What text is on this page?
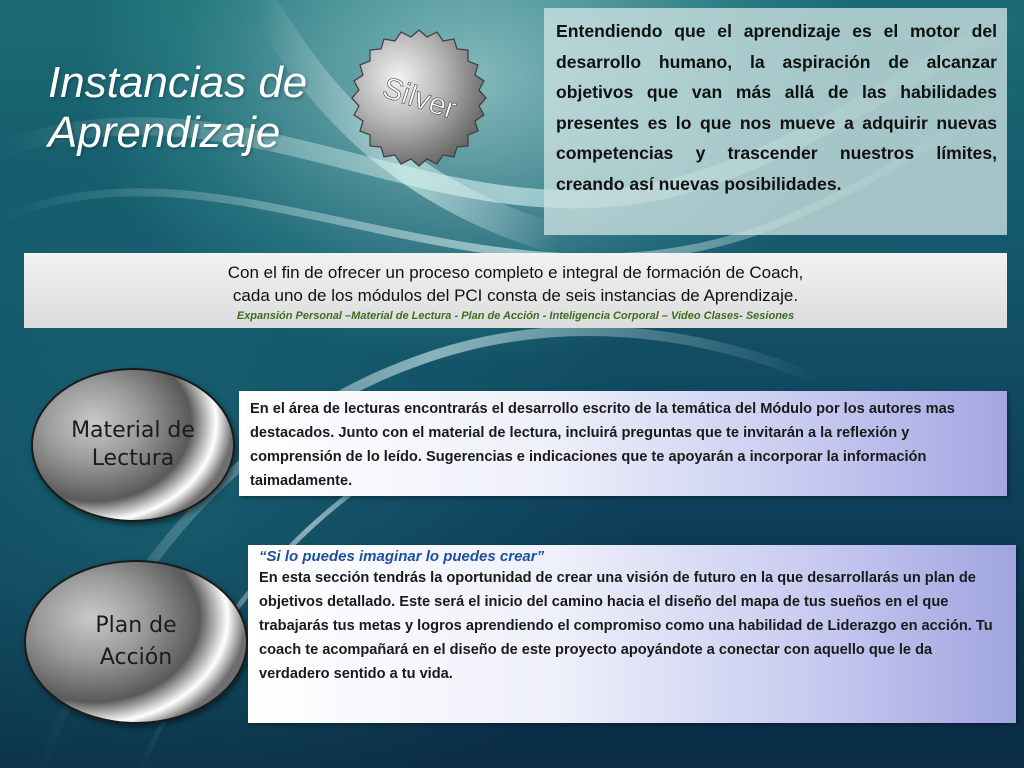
Instancias de
Aprendizaje
Silver
Entendiendo que el aprendizaje es el motor del desarrollo humano, la aspiración de alcanzar objetivos que van más allá de las habilidades presentes es lo que nos mueve a adquirir nuevas competencias y trascender nuestros límites, creando así nuevas posibilidades.
Con el fin de ofrecer un proceso completo e integral de formación de Coach,
cada uno de los módulos del PCI consta de seis instancias de Aprendizaje.
Expansión Personal –Material de Lectura - Plan de Acción - Inteligencia Corporal – Video Clases- Sesiones
Material de Lectura
En el área de lecturas encontrarás el desarrollo escrito de la temática del Módulo por los autores mas destacados. Junto con el material de lectura, incluirá preguntas que te invitarán a la reflexión y comprensión de lo leído. Sugerencias e indicaciones que te apoyarán a incorporar la información taimadamente.
Plan de Acción
“Si lo puedes imaginar lo puedes crear”
En esta sección tendrás la oportunidad de crear una visión de futuro en la que desarrollarás un plan de objetivos detallado. Este será el inicio del camino hacia el diseño del mapa de tus sueños en el que trabajarás tus metas y logros aprendiendo el compromiso como una habilidad de Liderazgo en acción. Tu coach te acompañará en el diseño de este proyecto apoyándote a conectar con aquello que le da verdadero sentido a tu vida.
